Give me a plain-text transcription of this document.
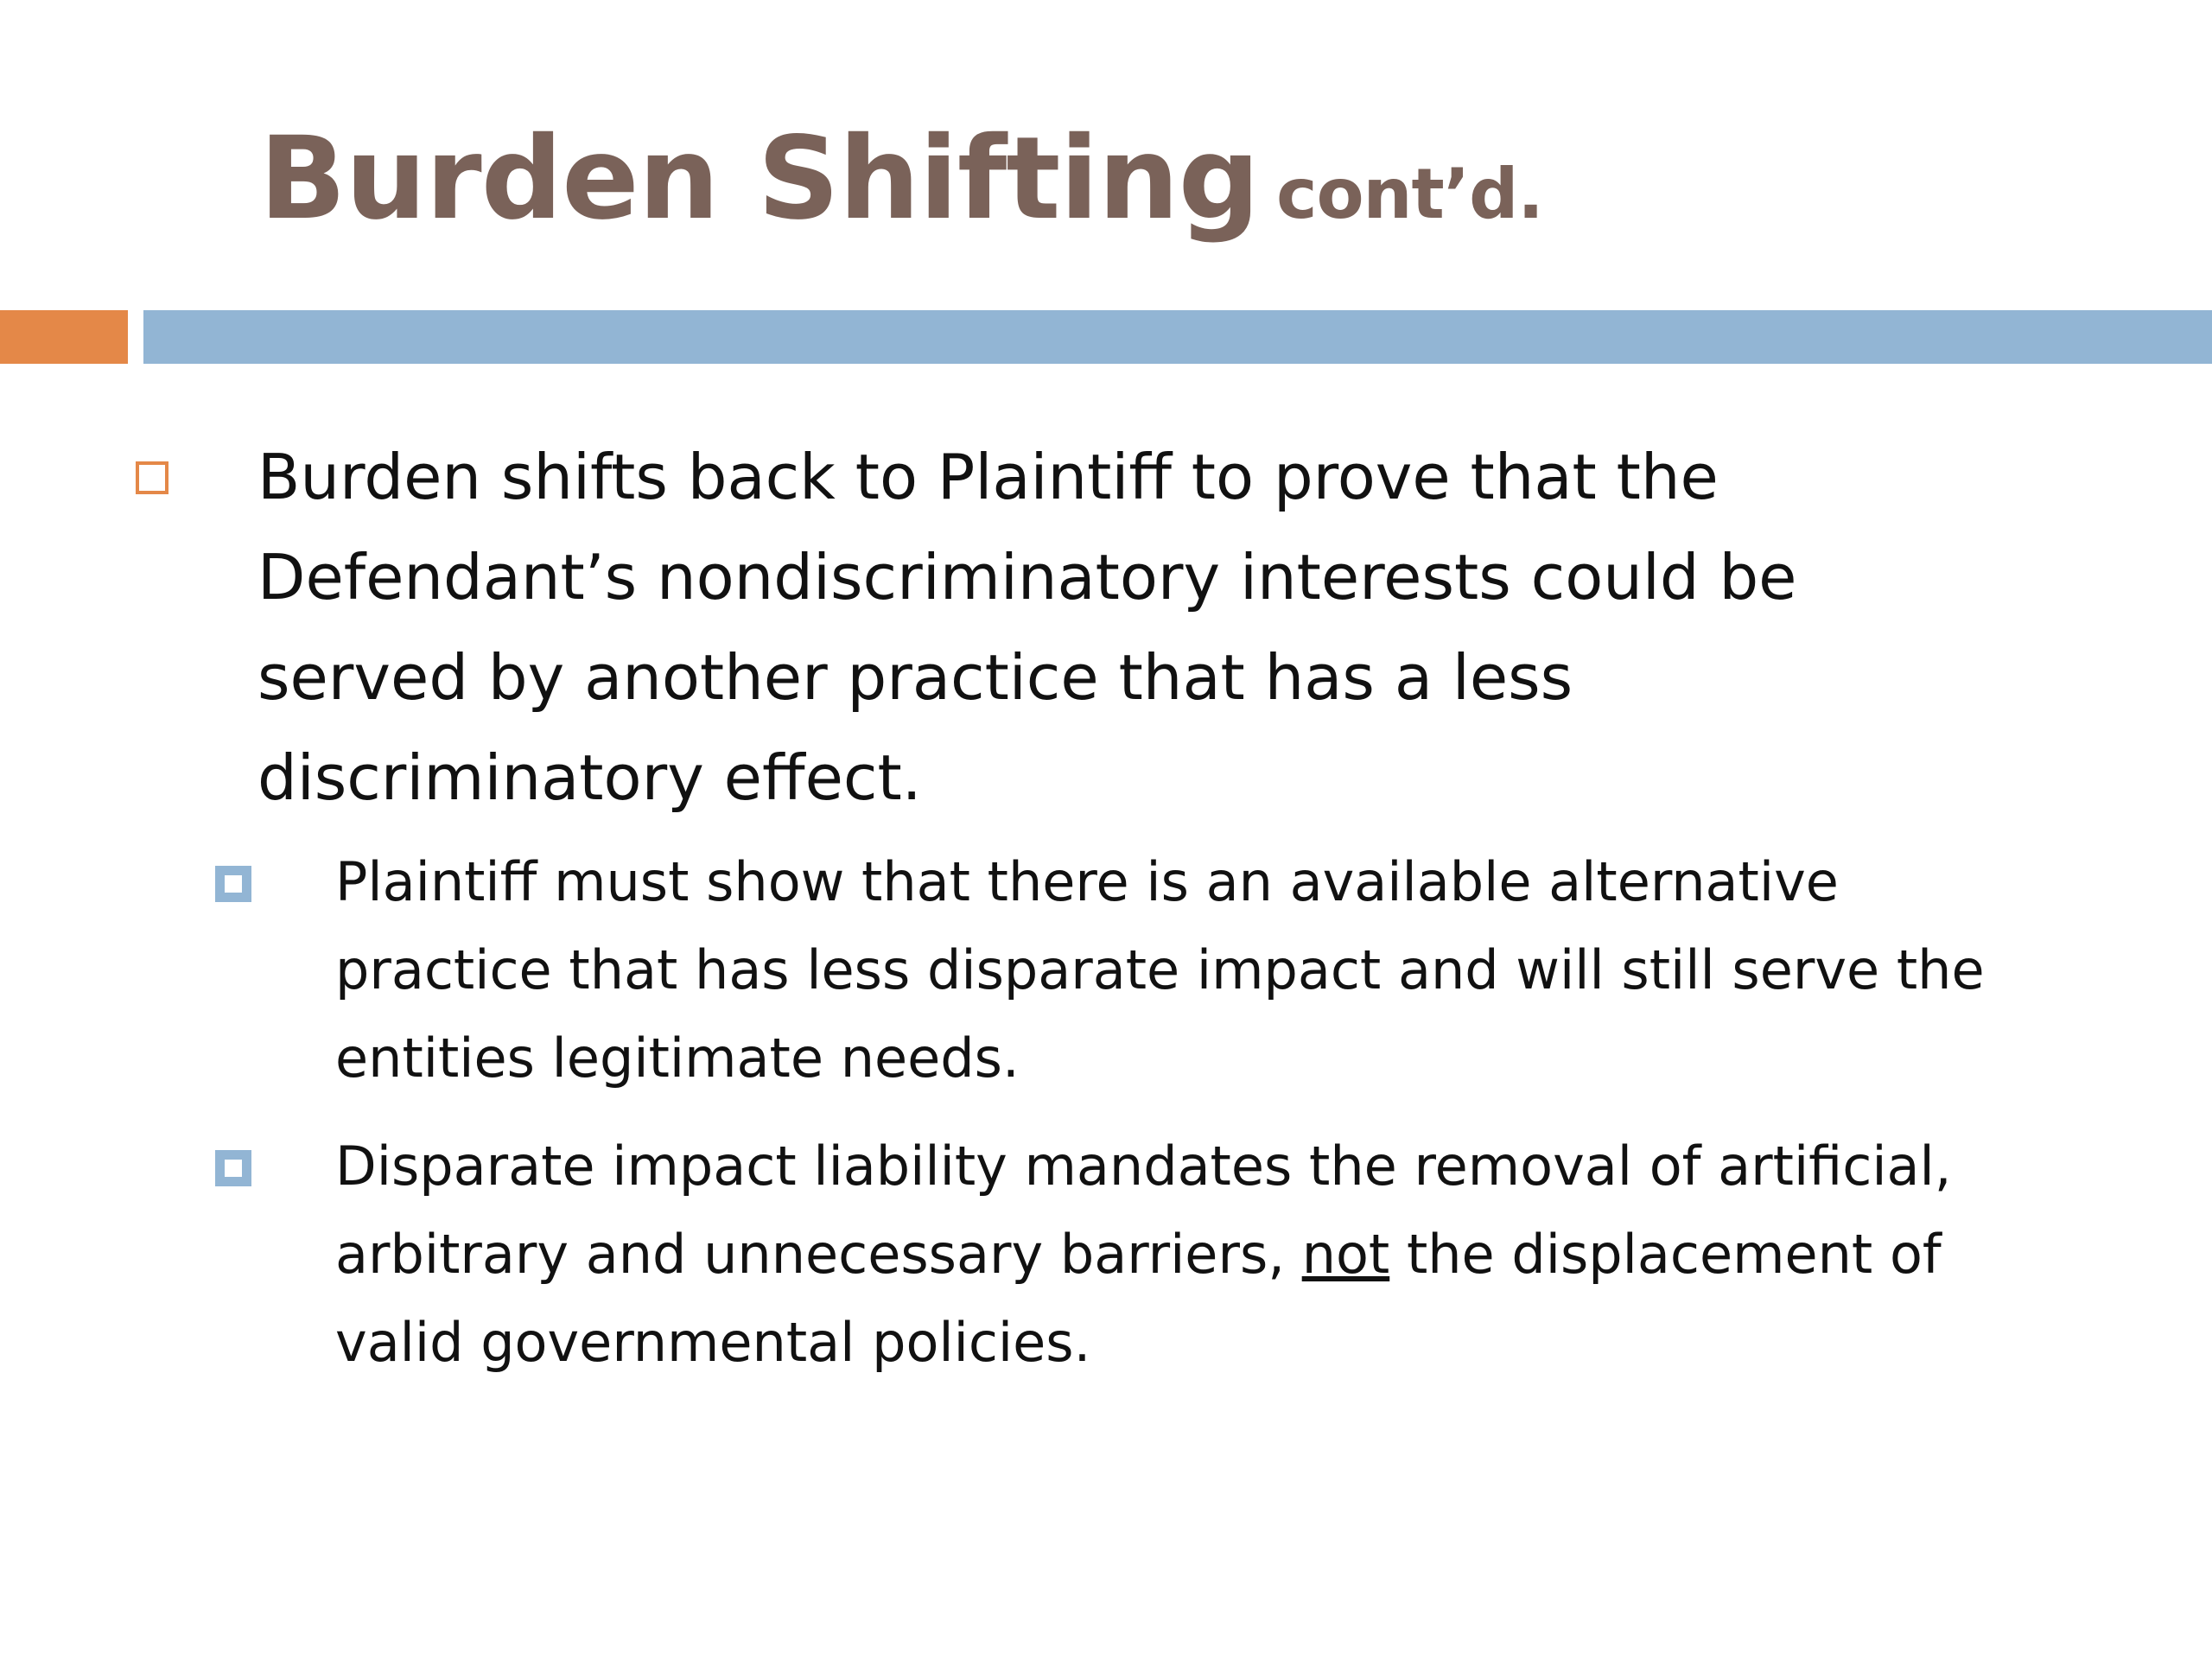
Burden Shifting cont’d.

Burden shifts back to Plaintiff to prove that the Defendant’s nondiscriminatory interests could be served by another practice that has a less discriminatory effect.

Plaintiff must show that there is an available alternative practice that has less disparate impact and will still serve the entities legitimate needs.

Disparate impact liability mandates the removal of artificial, arbitrary and unnecessary barriers, not the displacement of valid governmental policies.
